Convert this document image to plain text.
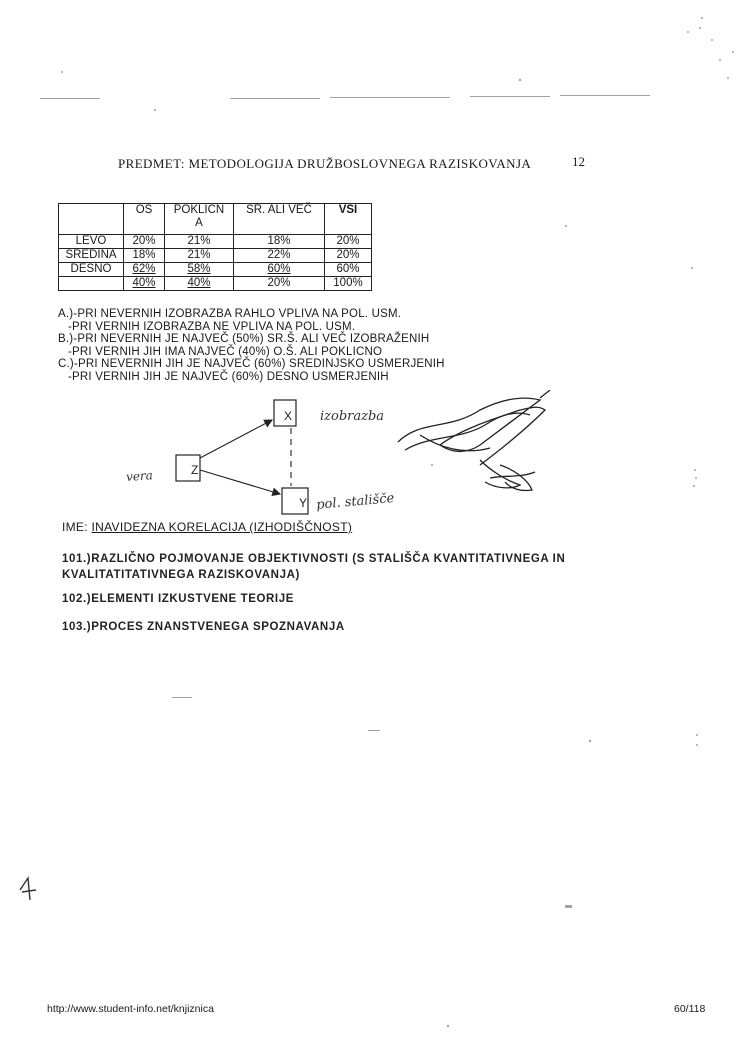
PREDMET: METODOLOGIJA DRUŽBOSLOVNEGA RAZISKOVANJA	12
	OS	POKLICN A	SR. ALI VEČ	VSI
LEVO	20%	21%	18%	20%
SREDINA	18%	21%	22%	20%
DESNO	62%	58%	60%	60%
	40%	40%	20%	100%
A.)-PRI NEVERNIH IZOBRAZBA RAHLO VPLIVA NA POL. USM.
-PRI VERNIH IZOBRAZBA NE VPLIVA NA POL. USM.
B.)-PRI NEVERNIH JE NAJVEČ (50%) SR.Š. ALI VEČ IZOBRAŽENIH
-PRI VERNIH JIH IMA NAJVEČ (40%) O.Š. ALI POKLICNO
C.)-PRI NEVERNIH JIH JE NAJVEČ (60%) SREDINJSKO USMERJENIH
-PRI VERNIH JIH JE NAJVEČ (60%) DESNO USMERJENIH
Z
X
Y
vera
izobrazba
pol. stališče
IME: INAVIDEZNA KORELACIJA (IZHODIŠČNOST)
101.)RAZLIČNO POJMOVANJE OBJEKTIVNOSTI (S STALIŠČA KVANTITATIVNEGA IN
KVALITATITATIVNEGA RAZISKOVANJA)
102.)ELEMENTI IZKUSTVENE TEORIJE
103.)PROCES ZNANSTVENEGA SPOZNAVANJA
http://www.student-info.net/knjiznica	60/118
